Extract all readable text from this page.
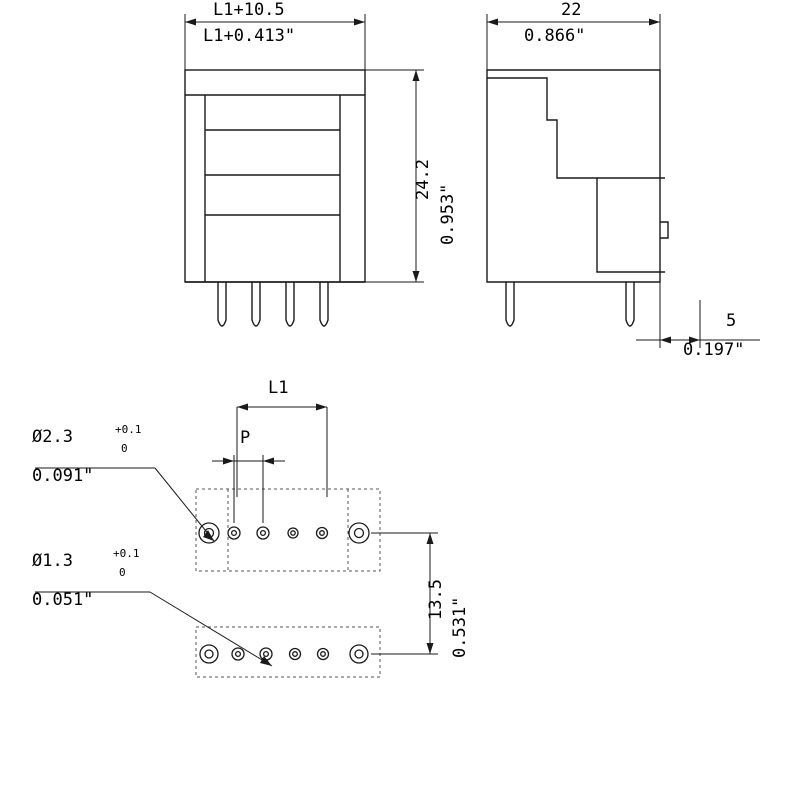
L1+10.5
L1+0.413"
24.2
0.953"
22
0.866"
5
0.197"
L1
P
13.5 0.531"
Ø2.3	+0.1
0
0.091"
Ø1.3	+0.1
0
0.051"
